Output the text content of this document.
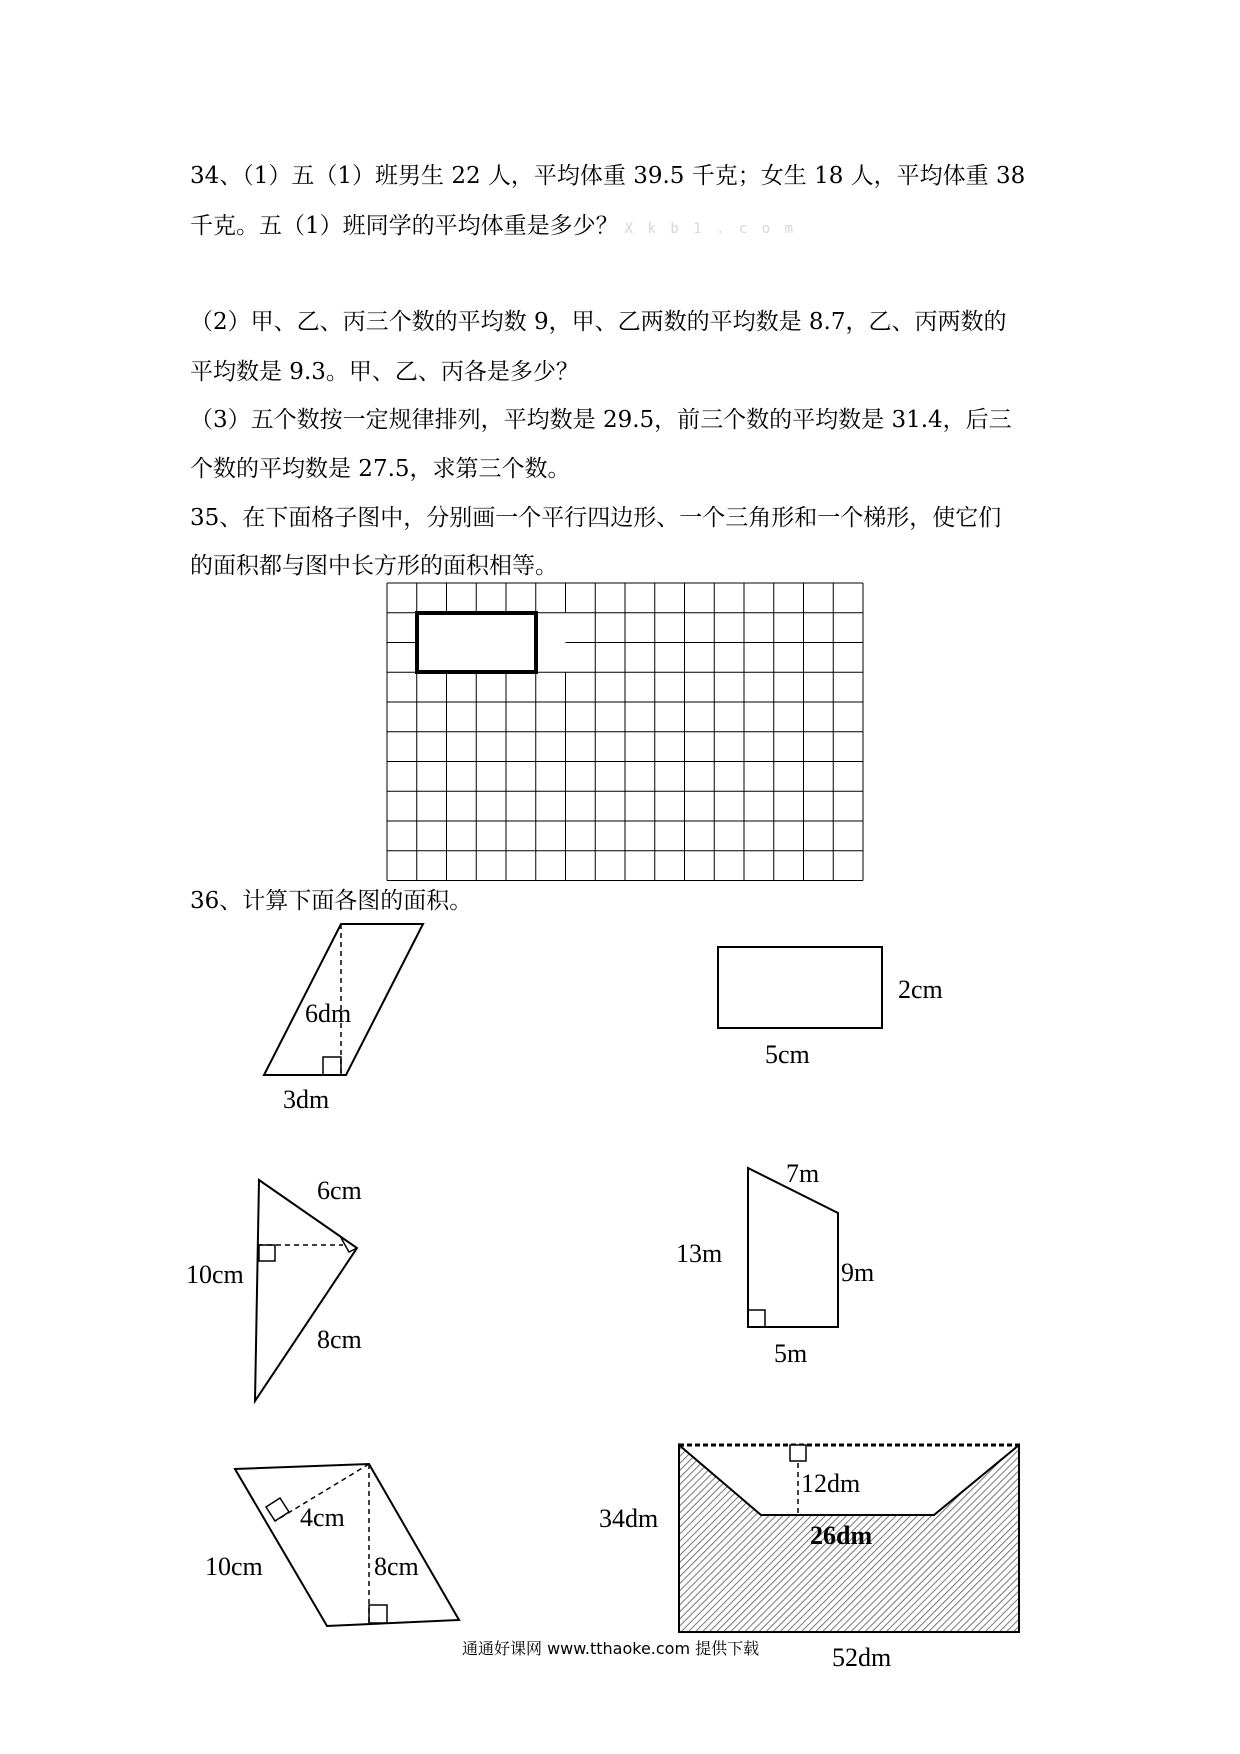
34、（1）五（1）班男生 22 人，平均体重 39.5 千克；女生 18 人，平均体重 38

千克。五（1）班同学的平均体重是多少？ X k b 1 . c o m

（2）甲、乙、丙三个数的平均数 9，甲、乙两数的平均数是 8.7，乙、丙两数的

平均数是 9.3。甲、乙、丙各是多少？

（3）五个数按一定规律排列，平均数是 29.5，前三个数的平均数是 31.4，后三

个数的平均数是 27.5，求第三个数。

35、在下面格子图中，分别画一个平行四边形、一个三角形和一个梯形，使它们

的面积都与图中长方形的面积相等。

36、计算下面各图的面积。

6dm
3dm
2cm
5cm
6cm
10cm
8cm
7m
13m
9m
5m
4cm
10cm	8cm
12dm
26dm
34dm
52dm
通通好课网 www.tthaoke.com 提供下载
